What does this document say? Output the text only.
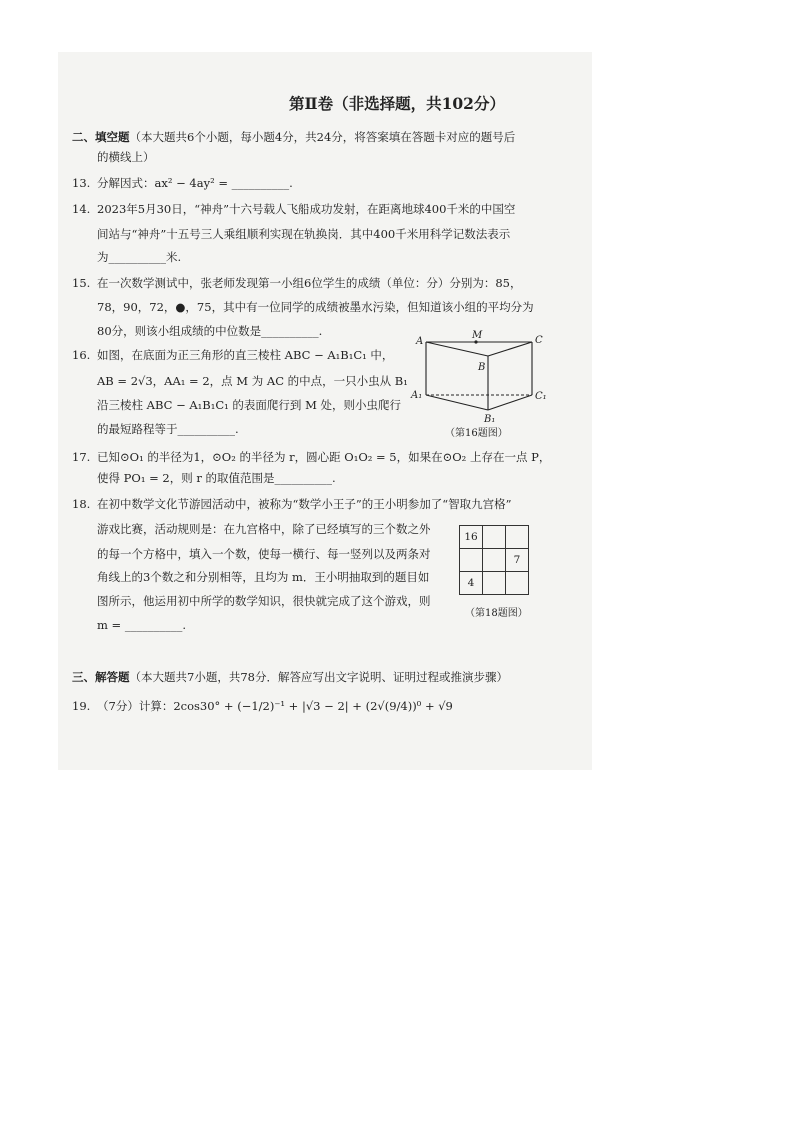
第Ⅱ卷（非选择题，共102分）
二、填空题（本大题共6个小题，每小题4分，共24分，将答案填在答题卡对应的题号后
的横线上）
13. 分解因式：ax² − 4ay² = __________.
14. 2023年5月30日，“神舟”十六号载人飞船成功发射，在距离地球400千米的中国空
间站与“神舟”十五号三人乘组顺利实现在轨换岗．其中400千米用科学记数法表示
为__________米.
15. 在一次数学测试中，张老师发现第一小组6位学生的成绩（单位：分）分别为：85，
78，90，72，●，75，其中有一位同学的成绩被墨水污染，但知道该小组的平均分为
80分，则该小组成绩的中位数是__________.
16. 如图，在底面为正三角形的直三棱柱 ABC − A₁B₁C₁ 中，
AB = 2√3，AA₁ = 2，点 M 为 AC 的中点，一只小虫从 B₁
沿三棱柱 ABC − A₁B₁C₁ 的表面爬行到 M 处，则小虫爬行
的最短路程等于__________.
A
M	C
B
A₁	C₁
B₁
（第16题图）
17. 已知⊙O₁ 的半径为1，⊙O₂ 的半径为 r，圆心距 O₁O₂ = 5，如果在⊙O₂ 上存在一点 P，
使得 PO₁ = 2，则 r 的取值范围是__________.
18. 在初中数学文化节游园活动中，被称为“数学小王子”的王小明参加了“智取九宫格”
游戏比赛，活动规则是：在九宫格中，除了已经填写的三个数之外
的每一个方格中，填入一个数，使每一横行、每一竖列以及两条对
角线上的3个数之和分别相等，且均为 m．王小明抽取到的题目如
图所示，他运用初中所学的数学知识，很快就完成了这个游戏，则
m = __________.
16		
		7
4		
（第18题图）
三、解答题（本大题共7小题，共78分．解答应写出文字说明、证明过程或推演步骤）
19. （7分）计算：2cos30° + (−1/2)⁻¹ + |√3 − 2| + (2√(9/4))⁰ + √9
